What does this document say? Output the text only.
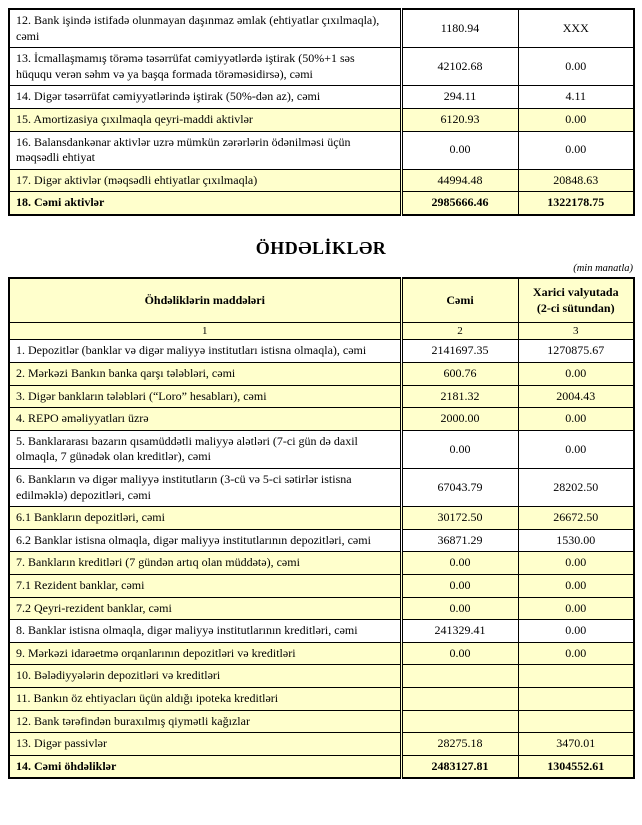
12. Bank işində istifadə olunmayan daşınmaz əmlak (ehtiyatlar çıxılmaqla), cəmi	1180.94	XXX
13. İcmallaşmamış törəmə təsərrüfat cəmiyyətlərdə iştirak (50%+1 səs hüququ verən səhm və ya başqa formada törəməsidirsə), cəmi	42102.68	0.00
14. Digər təsərrüfat cəmiyyətlərində iştirak (50%-dən az), cəmi	294.11	4.11
15. Amortizasiya çıxılmaqla qeyri-maddi aktivlər	6120.93	0.00
16. Balansdankənar aktivlər uzrə mümkün zərərlərin ödənilməsi üçün məqsədli ehtiyat	0.00	0.00
17. Digər aktivlər (məqsədli ehtiyatlar çıxılmaqla)	44994.48	20848.63
18. Cəmi aktivlər	2985666.46	1322178.75
ÖHDƏLİKLƏR
(min manatla)
Öhdəliklərin maddələri	Cəmi	Xarici valyutada (2-ci sütundan)
1	2	3
1. Depozitlər (banklar və digər maliyyə institutları istisna olmaqla), cəmi	2141697.35	1270875.67
2. Mərkəzi Bankın banka qarşı tələbləri, cəmi	600.76	0.00
3. Digər bankların tələbləri (“Loro” hesabları), cəmi	2181.32	2004.43
4. REPO əməliyyatları üzrə	2000.00	0.00
5. Banklararası bazarın qısamüddətli maliyyə alətləri (7-ci gün də daxil olmaqla, 7 günədək olan kreditlər), cəmi	0.00	0.00
6. Bankların və digər maliyyə institutların (3-cü və 5-ci sətirlər istisna edilməklə) depozitləri, cəmi	67043.79	28202.50
6.1 Bankların depozitləri, cəmi	30172.50	26672.50
6.2 Banklar istisna olmaqla, digər maliyyə institutlarının depozitləri, cəmi	36871.29	1530.00
7. Bankların kreditləri (7 gündən artıq olan müddətə), cəmi	0.00	0.00
7.1 Rezident banklar, cəmi	0.00	0.00
7.2 Qeyri-rezident banklar, cəmi	0.00	0.00
8. Banklar istisna olmaqla, digər maliyyə institutlarının kreditləri, cəmi	241329.41	0.00
9. Mərkəzi idarəetmə orqanlarının depozitləri və kreditləri	0.00	0.00
10. Bələdiyyələrin depozitləri və kreditləri		
11. Bankın öz ehtiyacları üçün aldığı ipoteka kreditləri		
12. Bank tərəfindən buraxılmış qiymətli kağızlar		
13. Digər passivlər	28275.18	3470.01
14. Cəmi öhdəliklər	2483127.81	1304552.61
